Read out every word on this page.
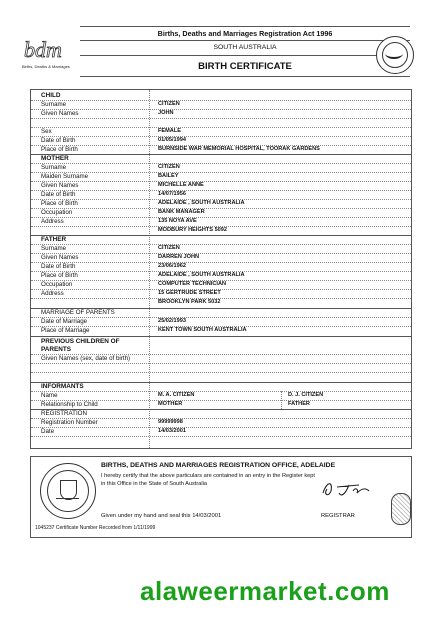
bdm
Births, Deaths & Marriages
Births, Deaths and Marriages Registration Act 1996
SOUTH AUSTRALIA
BIRTH CERTIFICATE
CHILD
Surname	CITIZEN
Given Names	JOHN
Sex	FEMALE
Date of Birth	01/05/1994
Place of Birth	BURNSIDE WAR MEMORIAL HOSPITAL, TOORAK GARDENS
MOTHER
Surname	CITIZEN
Maiden Surname	BAILEY
Given Names	MICHELLE ANNE
Date of Birth	14/07/1956
Place of Birth	ADELAIDE , SOUTH AUSTRALIA
Occupation	BANK MANAGER
Address	135 NOYA AVE
MODBURY HEIGHTS 5092
FATHER
Surname	CITIZEN
Given Names	DARREN JOHN
Date of Birth	23/06/1962
Place of Birth	ADELAIDE , SOUTH AUSTRALIA
Occupation	COMPUTER TECHNICIAN
Address	15 GERTRUDE STREET
BROOKLYN PARK 5032
MARRIAGE OF PARENTS
Date of Marriage	25/02/1993
Place of Marriage	KENT TOWN SOUTH AUSTRALIA
PREVIOUS CHILDREN OF PARENTS
Given Names (sex, date of birth)
INFORMANTS
Name	M. A. CITIZEN	D. J. CITIZEN
Relationship to Child	MOTHER	FATHER
REGISTRATION
Registration Number	99999998
Date	14/03/2001
BIRTHS, DEATHS AND MARRIAGES REGISTRATION OFFICE, ADELAIDE
I hereby certify that the above particulars are contained in an entry in the Register kept in this Office in the State of South Australia
Given under my hand and seal this 14/03/2001	REGISTRAR
1045237 Certificate Number Recorded from 1/11/1999
alaweermarket.com
